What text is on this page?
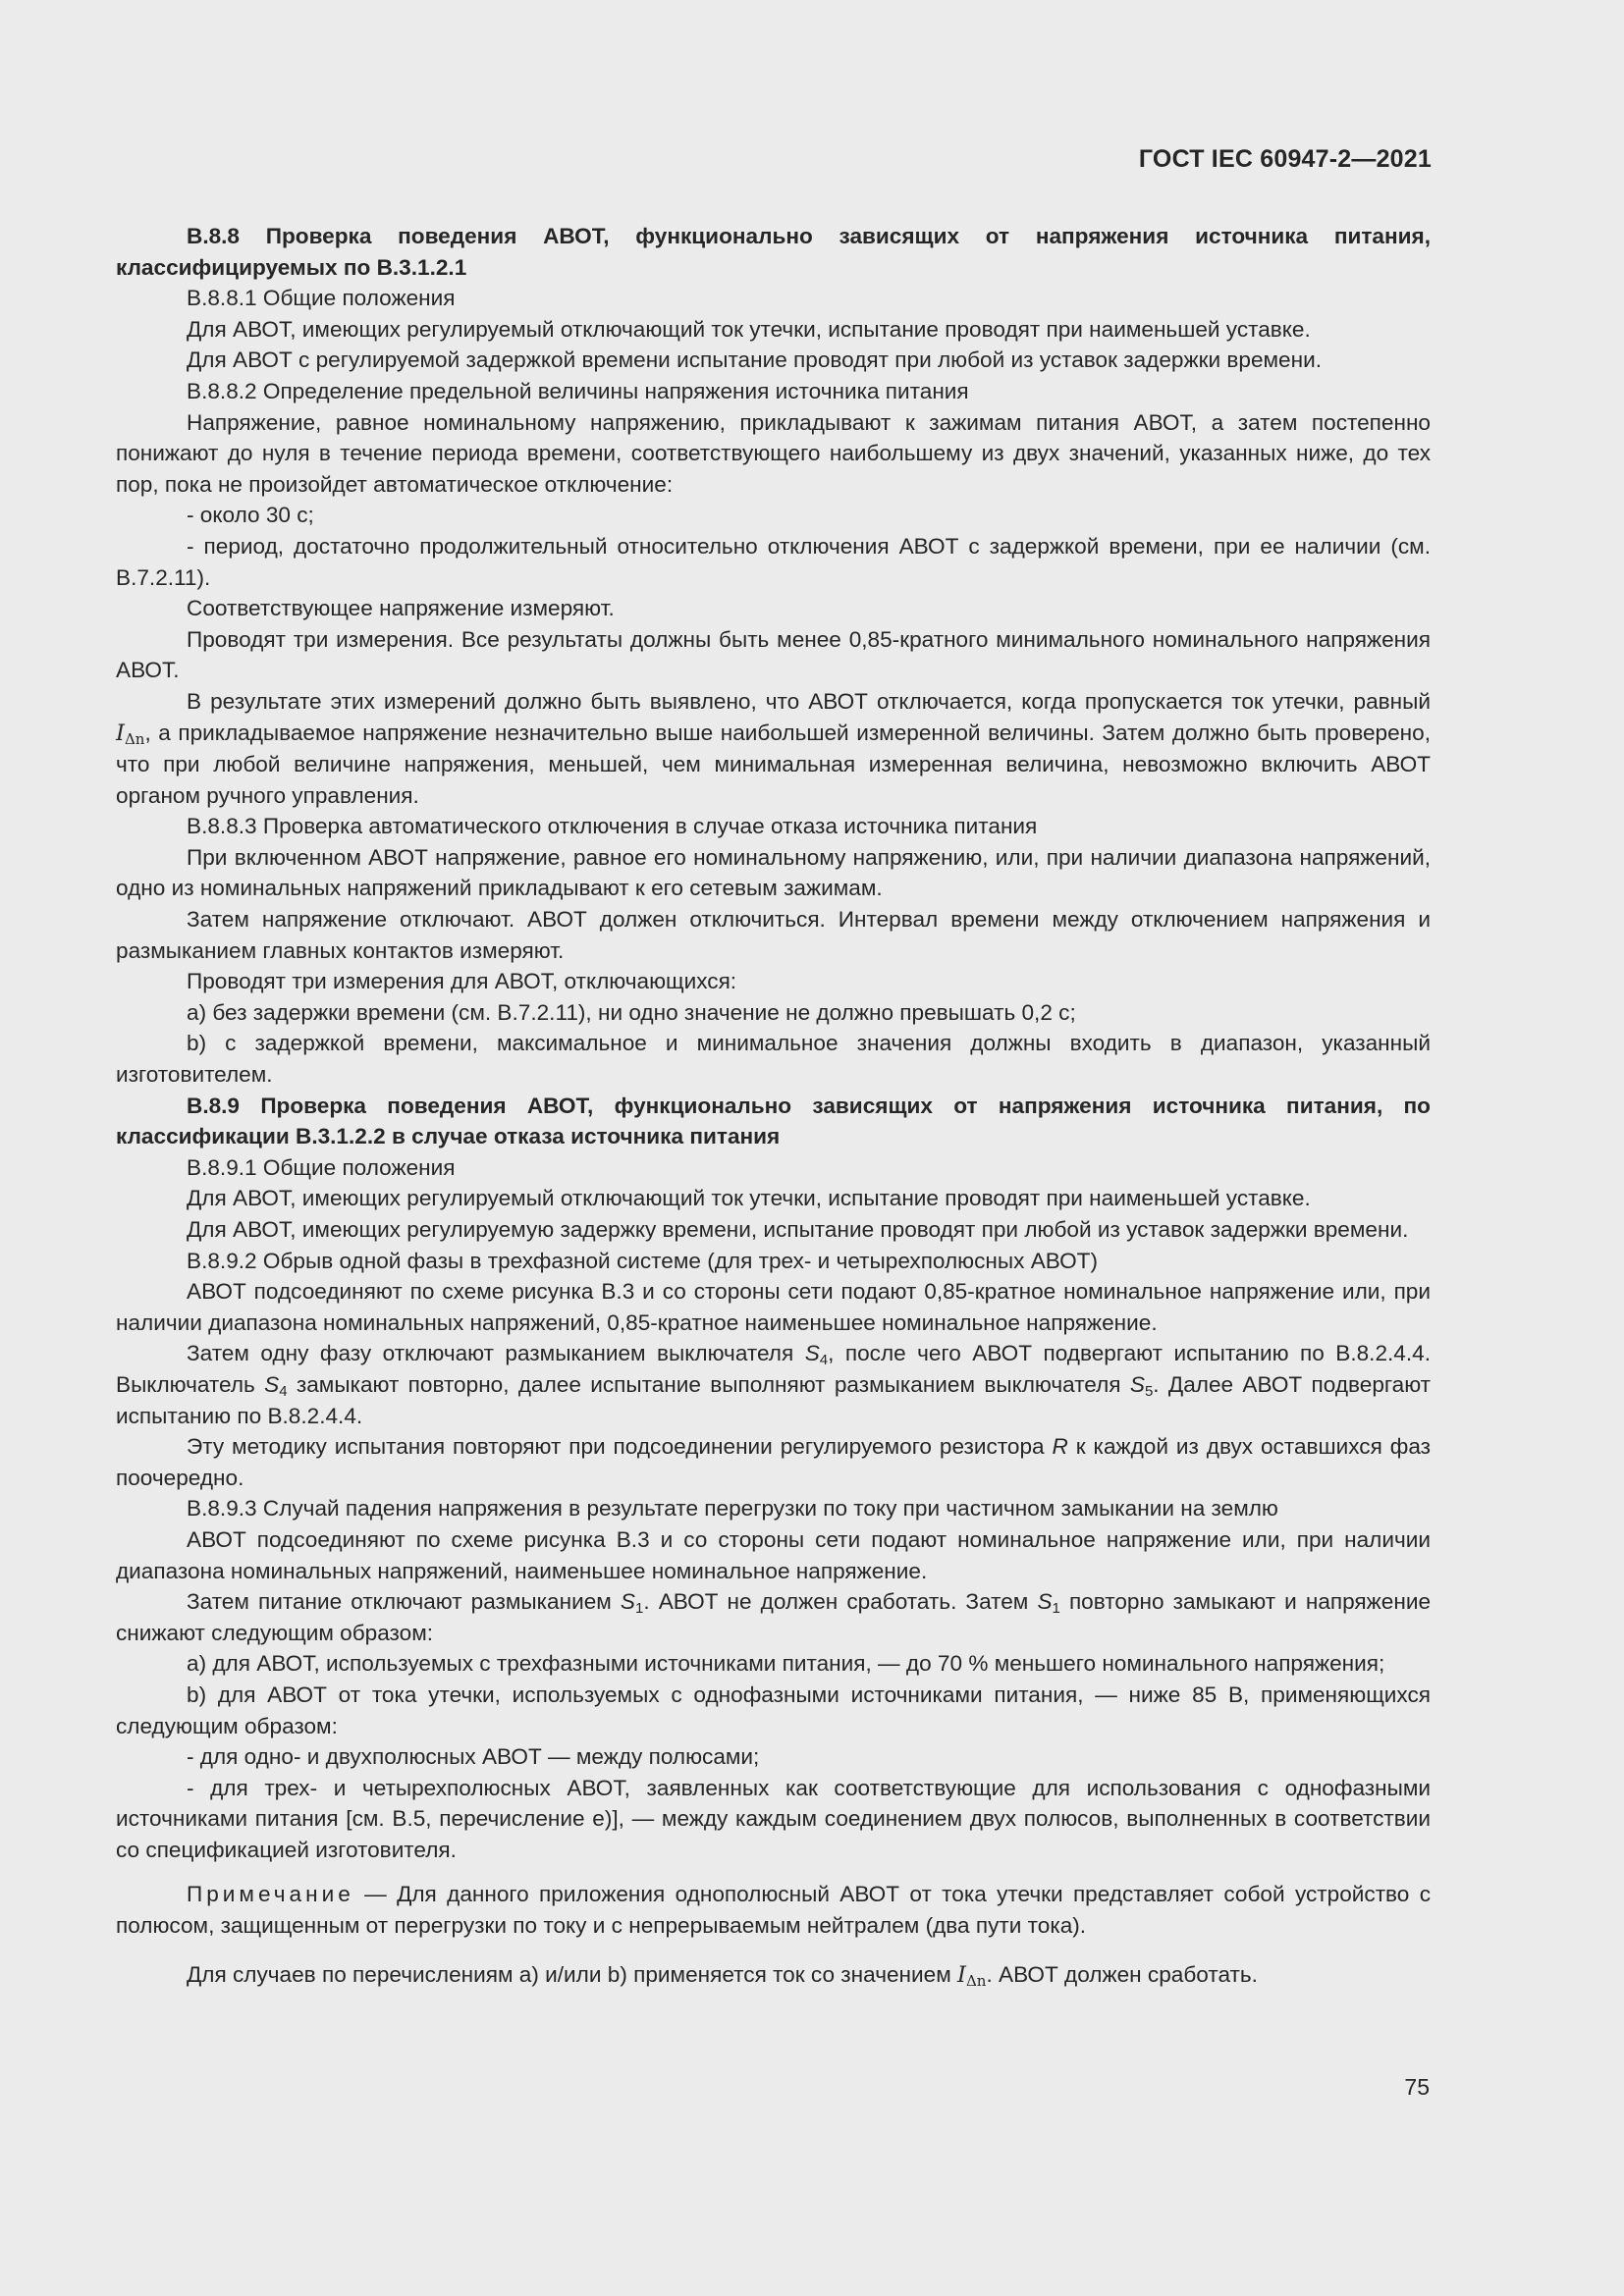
ГОСТ IEC 60947-2—2021

В.8.8 Проверка поведения АВОТ, функционально зависящих от напряжения источника питания, классифицируемых по В.3.1.2.1

В.8.8.1 Общие положения

Для АВОТ, имеющих регулируемый отключающий ток утечки, испытание проводят при наименьшей уставке.

Для АВОТ с регулируемой задержкой времени испытание проводят при любой из уставок задержки времени.

В.8.8.2 Определение предельной величины напряжения источника питания

Напряжение, равное номинальному напряжению, прикладывают к зажимам питания АВОТ, а затем постепенно понижают до нуля в течение периода времени, соответствующего наибольшему из двух значений, указанных ниже, до тех пор, пока не произойдет автоматическое отключение:

- около 30 с;

- период, достаточно продолжительный относительно отключения АВОТ с задержкой времени, при ее наличии (см. В.7.2.11).

Соответствующее напряжение измеряют.

Проводят три измерения. Все результаты должны быть менее 0,85-кратного минимального номинального напряжения АВОТ.

В результате этих измерений должно быть выявлено, что АВОТ отключается, когда пропускается ток утечки, равный $I_{\Delta n}$, а прикладываемое напряжение незначительно выше наибольшей измеренной величины. Затем должно быть проверено, что при любой величине напряжения, меньшей, чем минимальная измеренная величина, невозможно включить АВОТ органом ручного управления.

В.8.8.3 Проверка автоматического отключения в случае отказа источника питания

При включенном АВОТ напряжение, равное его номинальному напряжению, или, при наличии диапазона напряжений, одно из номинальных напряжений прикладывают к его сетевым зажимам.

Затем напряжение отключают. АВОТ должен отключиться. Интервал времени между отключением напряжения и размыканием главных контактов измеряют.

Проводят три измерения для АВОТ, отключающихся:

a) без задержки времени (см. В.7.2.11), ни одно значение не должно превышать 0,2 с;

b) с задержкой времени, максимальное и минимальное значения должны входить в диапазон, указанный изготовителем.

В.8.9 Проверка поведения АВОТ, функционально зависящих от напряжения источника питания, по классификации В.3.1.2.2 в случае отказа источника питания

В.8.9.1 Общие положения

Для АВОТ, имеющих регулируемый отключающий ток утечки, испытание проводят при наименьшей уставке.

Для АВОТ, имеющих регулируемую задержку времени, испытание проводят при любой из уставок задержки времени.

В.8.9.2 Обрыв одной фазы в трехфазной системе (для трех- и четырехполюсных АВОТ)

АВОТ подсоединяют по схеме рисунка В.3 и со стороны сети подают 0,85-кратное номинальное напряжение или, при наличии диапазона номинальных напряжений, 0,85-кратное наименьшее номинальное напряжение.

Затем одну фазу отключают размыканием выключателя $S_4$, после чего АВОТ подвергают испытанию по В.8.2.4.4. Выключатель $S_4$ замыкают повторно, далее испытание выполняют размыканием выключателя $S_5$. Далее АВОТ подвергают испытанию по В.8.2.4.4.

Эту методику испытания повторяют при подсоединении регулируемого резистора R к каждой из двух оставшихся фаз поочередно.

В.8.9.3 Случай падения напряжения в результате перегрузки по току при частичном замыкании на землю

АВОТ подсоединяют по схеме рисунка В.3 и со стороны сети подают номинальное напряжение или, при наличии диапазона номинальных напряжений, наименьшее номинальное напряжение.

Затем питание отключают размыканием $S_1$. АВОТ не должен сработать. Затем $S_1$ повторно замыкают и напряжение снижают следующим образом:

a) для АВОТ, используемых с трехфазными источниками питания, — до 70 % меньшего номинального напряжения;

b) для АВОТ от тока утечки, используемых с однофазными источниками питания, — ниже 85 В, применяющихся следующим образом:

- для одно- и двухполюсных АВОТ — между полюсами;

- для трех- и четырехполюсных АВОТ, заявленных как соответствующие для использования с однофазными источниками питания [см. В.5, перечисление e)], — между каждым соединением двух полюсов, выполненных в соответствии со спецификацией изготовителя.

Примечание — Для данного приложения однополюсный АВОТ от тока утечки представляет собой устройство с полюсом, защищенным от перегрузки по току и с непрерываемым нейтралем (два пути тока).

Для случаев по перечислениям a) и/или b) применяется ток со значением $I_{\Delta n}$. АВОТ должен сработать.

75
